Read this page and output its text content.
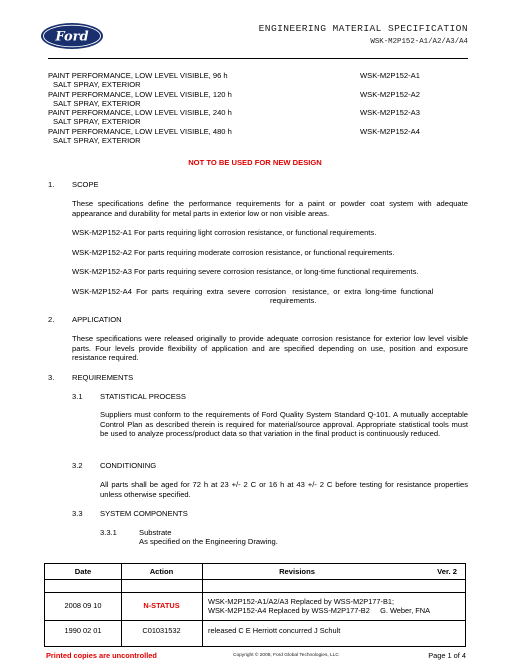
Ford
ENGINEERING MATERIAL SPECIFICATION
WSK-M2P152-A1/A2/A3/A4
PAINT PERFORMANCE, LOW LEVEL VISIBLE, 96 h	WSK-M2P152-A1
SALT SPRAY, EXTERIOR
PAINT PERFORMANCE, LOW LEVEL VISIBLE, 120 h	WSK-M2P152-A2
SALT SPRAY, EXTERIOR
PAINT PERFORMANCE, LOW LEVEL VISIBLE, 240 h	WSK-M2P152-A3
SALT SPRAY, EXTERIOR
PAINT PERFORMANCE, LOW LEVEL VISIBLE, 480 h	WSK-M2P152-A4
SALT SPRAY, EXTERIOR
NOT TO BE USED FOR NEW DESIGN
1. SCOPE
These specifications define the performance requirements for a paint or powder coat system with adequate appearance and durability for metal parts in exterior low or non visible areas.
WSK-M2P152-A1 For parts requiring light corrosion resistance, or functional requirements.
WSK-M2P152-A2 For parts requiring moderate corrosion resistance, or functional requirements.
WSK-M2P152-A3 For parts requiring severe corrosion resistance, or long-time functional requirements.
WSK-M2P152-A4  For  parts  requiring  extra  severe  corrosion   resistance,  or  extra  long-time  functional
requirements.
2. APPLICATION
These specifications were released originally to provide adequate corrosion resistance for exterior low level visible parts. Four levels provide flexibility of application and are specified depending on use, position and exposure resistance required.
3. REQUIREMENTS
3.1 STATISTICAL PROCESS
Suppliers must conform to the requirements of Ford Quality System Standard Q-101. A mutually acceptable Control Plan as described therein is required for material/source approval. Appropriate statistical tools must be used to analyze process/product data so that variation in the final product is continuously reduced.
3.2 CONDITIONING
All parts shall be aged for 72 h at 23 +/- 2 C or 16 h at 43 +/- 2 C before testing for resistance properties unless otherwise specified.
3.3 SYSTEM COMPONENTS
3.3.1	Substrate
As specified on the Engineering Drawing.
Date	Action	Revisions	Ver. 2
2008 09 10	N-STATUS	WSK-M2P152-A1/A2/A3 Replaced by WSS-M2P177-B1;
WSK-M2P152-A4 Replaced by WSS-M2P177-B2     G. Weber, FNA
1990 02 01	C01031532	released C E Herriott concurred J Schult
Printed copies are uncontrolled	Copyright © 2008, Ford Global Technologies, LLC	Page 1 of 4
